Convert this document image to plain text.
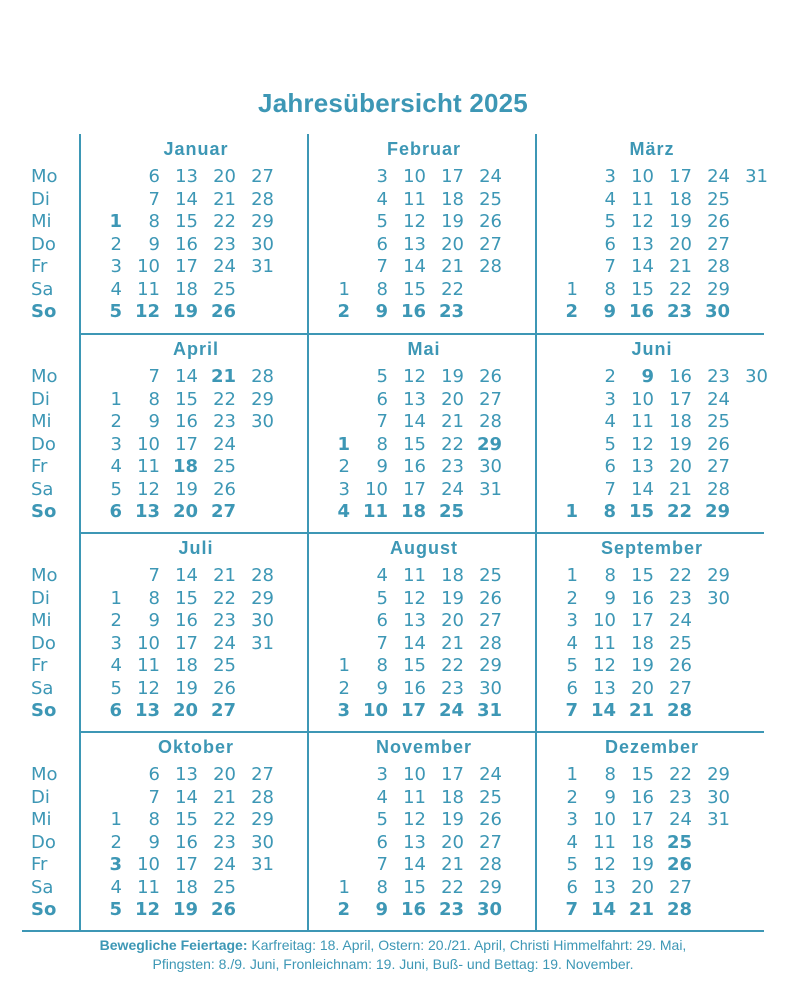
Jahresübersicht 2025
Mo
Di
Mi
Do
Fr
Sa
So
Mo
Di
Mi
Do
Fr
Sa
So
Mo
Di
Mi
Do
Fr
Sa
So
Mo
Di
Mi
Do
Fr
Sa
So
Januar
1
2
3
4
5
6
7
8
9
10
11
12
13
14
15
16
17
18
19
20
21
22
23
24
25
26
27
28
29
30
31
Februar
1
2
3
4
5
6
7
8
9
10
11
12
13
14
15
16
17
18
19
20
21
22
23
24
25
26
27
28
März
1
2
3
4
5
6
7
8
9
10
11
12
13
14
15
16
17
18
19
20
21
22
23
24
25
26
27
28
29
30
31
April
1
2
3
4
5
6
7
8
9
10
11
12
13
14
15
16
17
18
19
20
21
22
23
24
25
26
27
28
29
30
Mai
1
2
3
4
5
6
7
8
9
10
11
12
13
14
15
16
17
18
19
20
21
22
23
24
25
26
27
28
29
30
31
Juni
1
2
3
4
5
6
7
8
9
10
11
12
13
14
15
16
17
18
19
20
21
22
23
24
25
26
27
28
29
30
Juli
1
2
3
4
5
6
7
8
9
10
11
12
13
14
15
16
17
18
19
20
21
22
23
24
25
26
27
28
29
30
31
August
1
2
3
4
5
6
7
8
9
10
11
12
13
14
15
16
17
18
19
20
21
22
23
24
25
26
27
28
29
30
31
September
1
2
3
4
5
6
7
8
9
10
11
12
13
14
15
16
17
18
19
20
21
22
23
24
25
26
27
28
29
30
Oktober
1
2
3
4
5
6
7
8
9
10
11
12
13
14
15
16
17
18
19
20
21
22
23
24
25
26
27
28
29
30
31
November
1
2
3
4
5
6
7
8
9
10
11
12
13
14
15
16
17
18
19
20
21
22
23
24
25
26
27
28
29
30
Dezember
1
2
3
4
5
6
7
8
9
10
11
12
13
14
15
16
17
18
19
20
21
22
23
24
25
26
27
28
29
30
31
Bewegliche Feiertage: Karfreitag: 18. April, Ostern: 20./21. April, Christi Himmelfahrt: 29. Mai,
Pfingsten: 8./9. Juni, Fronleichnam: 19. Juni, Buß- und Bettag: 19. November.
